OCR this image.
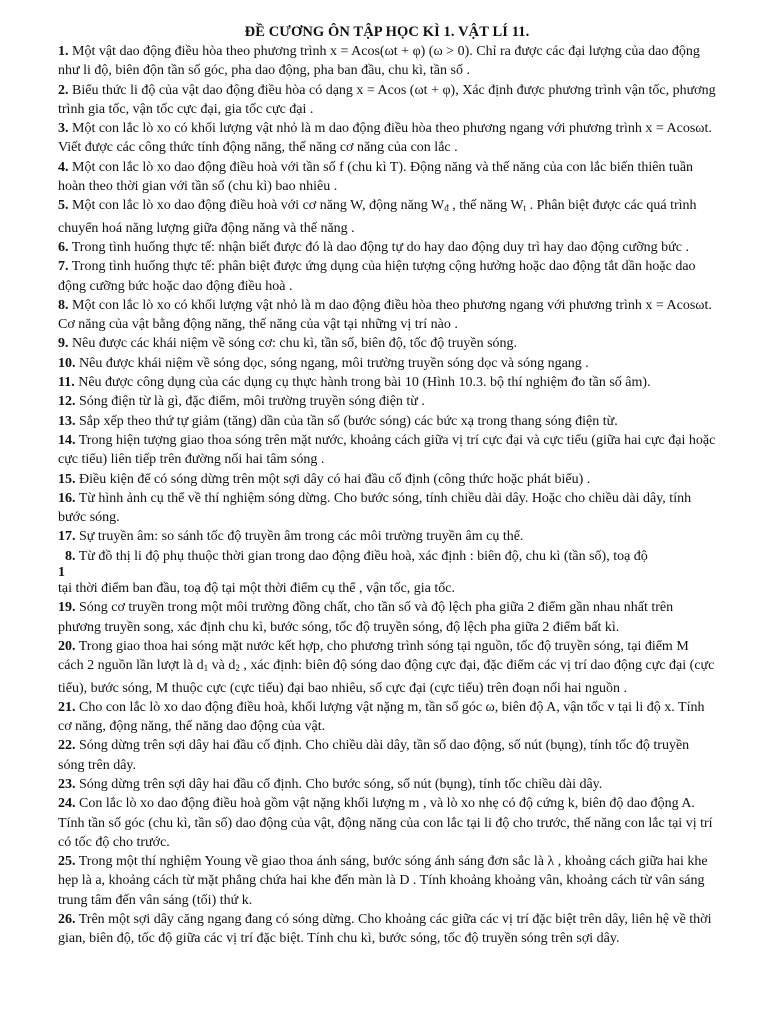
ĐỀ CƯƠNG ÔN TẬP HỌC KÌ 1. VẬT LÍ 11.

1. Một vật dao động điều hòa theo phương trình x = Acos(ωt + φ) (ω > 0). Chỉ ra được các đại lượng của dao động như li độ, biên độn tần số góc, pha dao động, pha ban đầu, chu kì, tần số .

2. Biểu thức li độ của vật dao động điều hòa có dạng x = Acos (ωt + φ), Xác định được phương trình vận tốc, phương trình gia tốc, vận tốc cực đại, gia tốc cực đại .

3. Một con lắc lò xo có khối lượng vật nhỏ là m dao động điều hòa theo phương ngang với phương trình x = Acosωt. Viết được các công thức tính động năng, thế năng cơ năng của con lắc .

4. Một con lắc lò xo dao động điều hoà với tần số f (chu kì T). Động năng và thế năng của con lắc biến thiên tuần hoàn theo thời gian với tần số (chu kì) bao nhiêu .

5. Một con lắc lò xo dao động điều hoà với cơ năng W, động năng $W_đ$ , thế năng $W_t$ . Phân biệt được các quá trình chuyển hoá năng lượng giữa động năng và thế năng .

6. Trong tình huống thực tế: nhận biết được đó là dao động tự do hay dao động duy trì hay dao động cưỡng bức .

7. Trong tình huống thực tế: phân biệt được ứng dụng của hiện tượng cộng hưởng hoặc dao động tắt dần hoặc dao động cưỡng bức hoặc dao động điều hoà .

8. Một con lắc lò xo có khối lượng vật nhỏ là m dao động điều hòa theo phương ngang với phương trình x = Acosωt. Cơ năng của vật bằng động năng, thế năng của vật tại những vị trí nào .

9. Nêu được các khái niệm về sóng cơ: chu kì, tần số, biên độ, tốc độ truyền sóng.

10. Nêu được khái niệm về sóng dọc, sóng ngang, môi trường truyền sóng dọc và sóng ngang .

11. Nêu được công dụng của các dụng cụ thực hành trong bài 10 (Hình 10.3. bộ thí nghiệm đo tần số âm).

12. Sóng điện từ là gì, đặc điểm, môi trường truyền sóng điện từ .

13. Sắp xếp theo thứ tự giảm (tăng) dần của tần số (bước sóng) các bức xạ trong thang sóng điện từ.

14. Trong hiện tượng giao thoa sóng trên mặt nước, khoảng cách giữa vị trí cực đại và cực tiểu (giữa hai cực đại hoặc cực tiểu) liên tiếp trên đường nối hai tâm sóng .

15. Điều kiện để có sóng dừng trên một sợi dây có hai đầu cố định (công thức hoặc phát biểu) .

16. Từ hình ảnh cụ thể về thí nghiệm sóng dừng. Cho bước sóng, tính chiều dài dây. Hoặc cho chiều dài dây, tính bước sóng.

17. Sự truyền âm: so sánh tốc độ truyền âm trong các môi trường truyền âm cụ thể.

8. Từ đồ thị li độ phụ thuộc thời gian trong dao động điều hoà, xác định : biên độ, chu kì (tần số), toạ độ
1
tại thời điểm ban đầu, toạ độ tại một thời điểm cụ thể , vận tốc, gia tốc.

19. Sóng cơ truyền trong một môi trường đồng chất, cho tần số và độ lệch pha giữa 2 điểm gần nhau nhất trên phương truyền song, xác định chu kì, bước sóng, tốc độ truyền sóng, độ lệch pha giữa 2 điểm bất kì.

20. Trong giao thoa hai sóng mặt nước kết hợp, cho phương trình sóng tại nguồn, tốc độ truyền sóng, tại điểm M cách 2 nguồn lần lượt là $d_1$ và $d_2$ , xác định: biên độ sóng dao động cực đại, đặc điểm các vị trí dao động cực đại (cực tiểu), bước sóng, M thuộc cực (cực tiểu) đại bao nhiêu, số cực đại (cực tiểu) trên đoạn nối hai nguồn .

21. Cho con lắc lò xo dao động điều hoà, khối lượng vật nặng m, tần số góc ω, biên độ A, vận tốc v tại li độ x. Tính cơ năng, động năng, thế năng dao động của vật.

22. Sóng dừng trên sợi dây hai đầu cố định. Cho chiều dài dây, tần số dao động, số nút (bụng), tính tốc độ truyền sóng trên dây.

23. Sóng dừng trên sợi dây hai đầu cố định. Cho bước sóng, số nút (bụng), tính tốc chiều dài dây.

24. Con lắc lò xo dao động điều hoà gồm vật nặng khối lượng m , và lò xo nhẹ có độ cứng k, biên độ dao động A. Tính tần số góc (chu kì, tần số) dao động của vật, động năng của con lắc tại li độ cho trước, thế năng con lắc tại vị trí có tốc độ cho trước.

25. Trong một thí nghiệm Young về giao thoa ánh sáng, bước sóng ánh sáng đơn sắc là λ , khoảng cách giữa hai khe hẹp là a, khoảng cách từ mặt phẳng chứa hai khe đến màn là D . Tính khoảng khoảng vân, khoảng cách từ vân sáng trung tâm đến vân sáng (tối) thứ k.

26. Trên một sợi dây căng ngang đang có sóng dừng. Cho khoảng các giữa các vị trí đặc biệt trên dây, liên hệ về thời gian, biên độ, tốc độ giữa các vị trí đặc biệt. Tính chu kì, bước sóng, tốc độ truyền sóng trên sợi dây.
